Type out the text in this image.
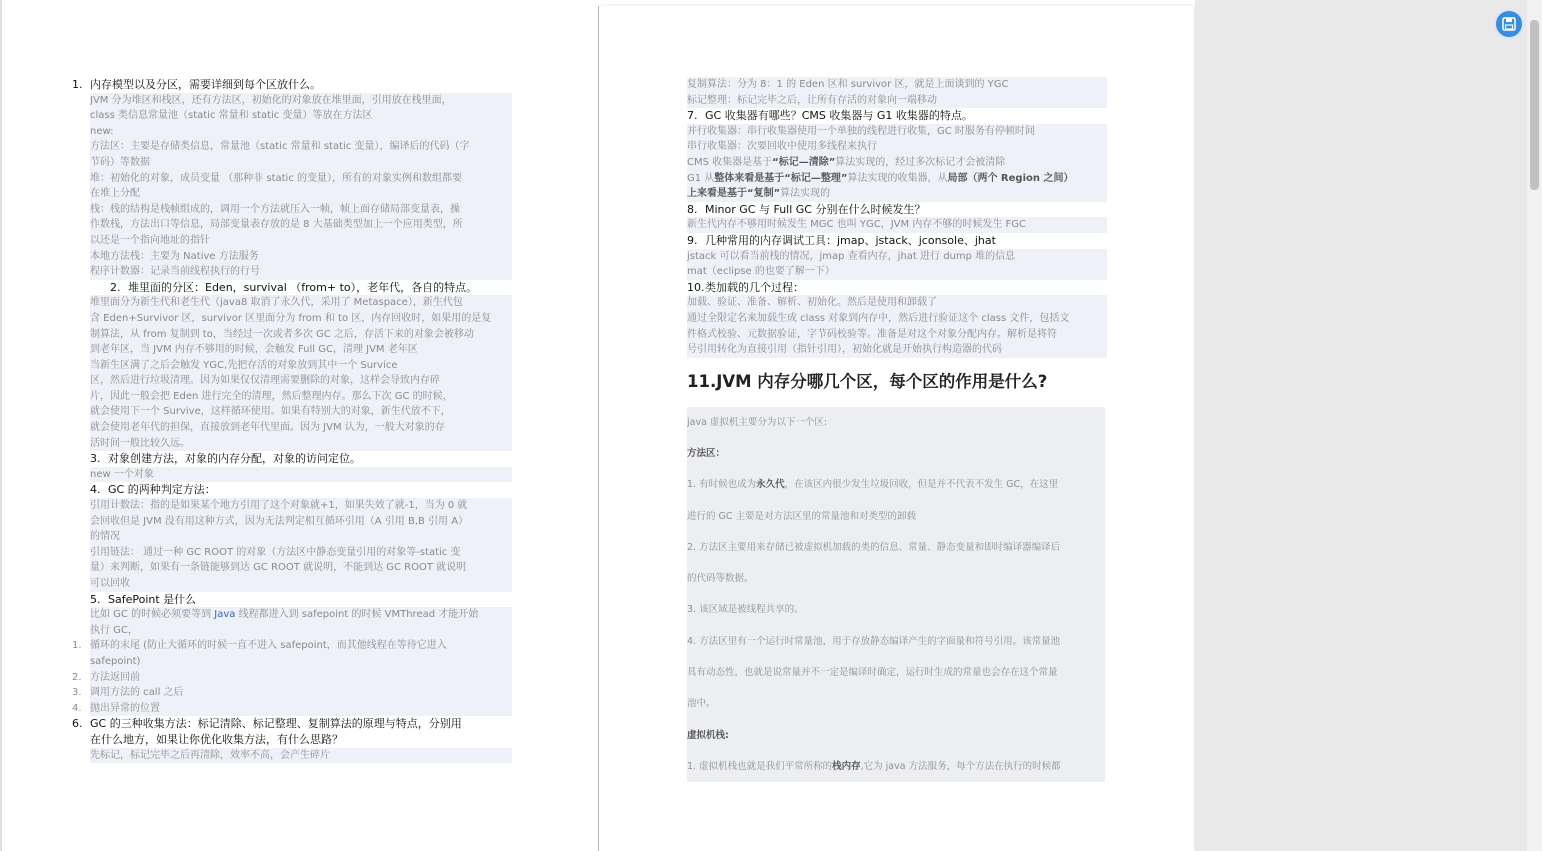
1. 内存模型以及分区，需要详细到每个区放什么。
JVM 分为堆区和栈区，还有方法区，初始化的对象放在堆里面，引用放在栈里面，
class 类信息常量池（static 常量和 static 变量）等放在方法区
new:
• 方法区：主要是存储类信息，常量池（static 常量和 static 变量），编译后的代码（字
节码）等数据
• 堆：初始化的对象，成员变量 （那种非 static 的变量），所有的对象实例和数组都要
在堆上分配
• 栈：栈的结构是栈帧组成的，调用一个方法就压入一帧，帧上面存储局部变量表，操
作数栈，方法出口等信息，局部变量表存放的是 8 大基础类型加上一个应用类型，所
以还是一个指向地址的指针
• 本地方法栈：主要为 Native 方法服务
• 程序计数器：记录当前线程执行的行号
2. 堆里面的分区：Eden，survival （from+ to），老年代，各自的特点。
堆里面分为新生代和老生代（java8 取消了永久代，采用了 Metaspace），新生代包
含 Eden+Survivor 区，survivor 区里面分为 from 和 to 区，内存回收时，如果用的是复
制算法，从 from 复制到 to，当经过一次或者多次 GC 之后，存活下来的对象会被移动
到老年区，当 JVM 内存不够用的时候，会触发 Full GC，清理 JVM 老年区
当新生区满了之后会触发 YGC,先把存活的对象放到其中一个 Survice
区，然后进行垃圾清理。因为如果仅仅清理需要删除的对象，这样会导致内存碎
片，因此一般会把 Eden 进行完全的清理，然后整理内存。那么下次 GC 的时候，
就会使用下一个 Survive，这样循环使用。如果有特别大的对象，新生代放不下，
就会使用老年代的担保，直接放到老年代里面。因为 JVM 认为，一般大对象的存
活时间一般比较久远。
3. 对象创建方法，对象的内存分配，对象的访问定位。
new 一个对象
4. GC 的两种判定方法：
引用计数法：指的是如果某个地方引用了这个对象就+1，如果失效了就-1，当为 0 就
会回收但是 JVM 没有用这种方式，因为无法判定相互循环引用（A 引用 B,B 引用 A）
的情况
引用链法： 通过一种 GC ROOT 的对象（方法区中静态变量引用的对象等-static 变
量）来判断，如果有一条链能够到达 GC ROOT 就说明，不能到达 GC ROOT 就说明
可以回收
5. SafePoint 是什么
比如 GC 的时候必须要等到 Java 线程都进入到 safepoint 的时候 VMThread 才能开始
执行 GC，
1. 循环的末尾 (防止大循环的时候一直不进入 safepoint，而其他线程在等待它进入
safepoint)
2. 方法返回前
3. 调用方法的 call 之后
4. 抛出异常的位置
6. GC 的三种收集方法：标记清除、标记整理、复制算法的原理与特点，分别用
在什么地方，如果让你优化收集方法，有什么思路？
先标记，标记完毕之后再清除，效率不高，会产生碎片
复制算法：分为 8：1 的 Eden 区和 survivor 区，就是上面谈到的 YGC
标记整理：标记完毕之后，让所有存活的对象向一端移动
7. GC 收集器有哪些？CMS 收集器与 G1 收集器的特点。
并行收集器：串行收集器使用一个单独的线程进行收集，GC 时服务有停顿时间
串行收集器：次要回收中使用多线程来执行
CMS 收集器是基于“标记—清除”算法实现的，经过多次标记才会被清除
G1 从整体来看是基于“标记—整理”算法实现的收集器，从局部（两个 Region 之间）
上来看是基于“复制”算法实现的
8. Minor GC 与 Full GC 分别在什么时候发生？
新生代内存不够用时候发生 MGC 也叫 YGC，JVM 内存不够的时候发生 FGC
9. 几种常用的内存调试工具：jmap、jstack、jconsole、jhat
jstack 可以看当前栈的情况，jmap 查看内存，jhat 进行 dump 堆的信息
mat（eclipse 的也要了解一下）
10.类加载的几个过程：
加载、验证、准备、解析、初始化。然后是使用和卸载了
通过全限定名来加载生成 class 对象到内存中，然后进行验证这个 class 文件，包括文
件格式校验、元数据验证，字节码校验等。准备是对这个对象分配内存。解析是将符
号引用转化为直接引用（指针引用），初始化就是开始执行构造器的代码
11.JVM 内存分哪几个区，每个区的作用是什么?
java 虚拟机主要分为以下一个区:
方法区：
1. 有时候也成为永久代，在该区内很少发生垃圾回收，但是并不代表不发生 GC，在这里
进行的 GC 主要是对方法区里的常量池和对类型的卸载
2. 方法区主要用来存储已被虚拟机加载的类的信息、常量、静态变量和即时编译器编译后
的代码等数据。
3. 该区域是被线程共享的。
4. 方法区里有一个运行时常量池，用于存放静态编译产生的字面量和符号引用。该常量池
具有动态性，也就是说常量并不一定是编译时确定，运行时生成的常量也会存在这个常量
池中。
虚拟机栈:
1. 虚拟机栈也就是我们平常所称的栈内存,它为 java 方法服务，每个方法在执行的时候都
